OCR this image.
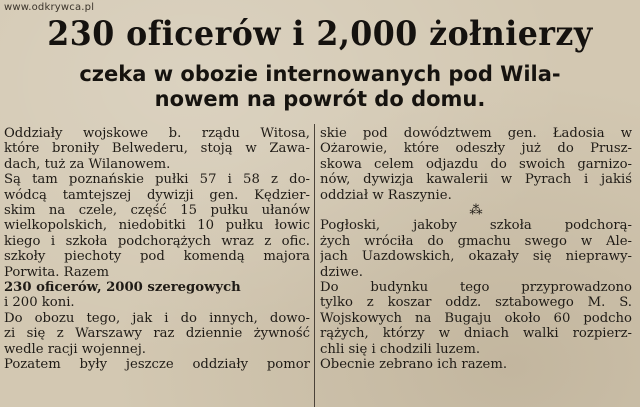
www.odkrywca.pl
230 oficerów i 2,000 żołnierzy
czeka w obozie internowanych pod Wila-
nowem na powrót do domu.
Oddziały wojskowe b. rządu Witosa,
które broniły Belwederu, stoją w Zawa-
dach, tuż za Wilanowem.
Są tam poznańskie pułki 57 i 58 z do-
wódcą tamtejszej dywizji gen. Kędzier-
skim na czele, część 15 pułku ułanów
wielkopolskich, niedobitki 10 pułku łowic
kiego i szkoła podchorążych wraz z ofic.
szkoły piechoty pod komendą majora
Porwita. Razem
230 oficerów, 2000 szeregowych
i 200 koni.
Do obozu tego, jak i do innych, dowo-
zi się z Warszawy raz dziennie żywność
wedle racji wojennej.
Pozatem były jeszcze oddziały pomor
skie pod dowództwem gen. Ładosia w
Ożarowie, które odeszły już do Prusz-
skowa celem odjazdu do swoich garnizo-
nów, dywizja kawalerii w Pyrach i jakiś
oddział w Raszynie.
⁂
Pogłoski, jakoby szkoła podchorą-
żych wróciła do gmachu swego w Ale-
jach Uazdowskich, okazały się nieprawy-
dziwe.
Do budynku tego przyprowadzono
tylko z koszar oddz. sztabowego M. S.
Wojskowych na Bugaju około 60 podcho
rążych, którzy w dniach walki rozpierz-
chli się i chodzili luzem.
Obecnie zebrano ich razem.
